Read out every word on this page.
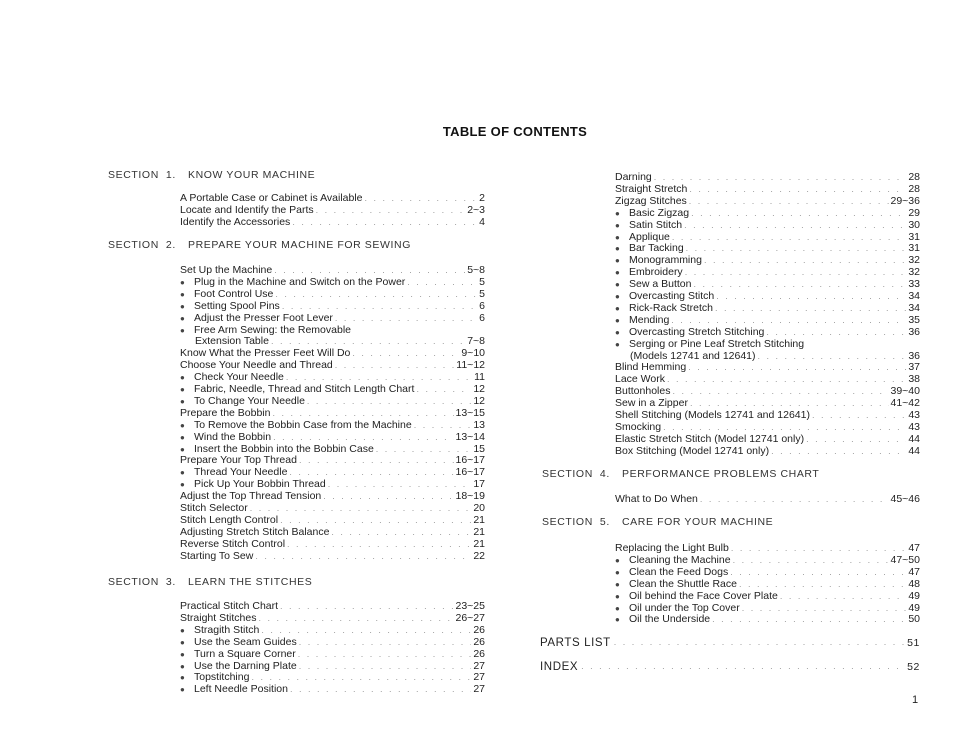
TABLE OF CONTENTS
SECTION  1. KNOW YOUR MACHINE
A Portable Case or Cabinet is Available . . .	2
Locate and Identify the Parts . . .	2~3
Identify the Accessories . . .	4
SECTION  2. PREPARE YOUR MACHINE FOR SEWING
Set Up the Machine . . .	5~8
● Plug in the Machine and Switch on the Power . . .	5
● Foot Control Use . . .	5
● Setting Spool Pins . . .	6
● Adjust the Presser Foot Lever . . .	6
● Free Arm Sewing: the Removable
Extension Table . . .	7~8
Know What the Presser Feet Will Do . . .	9~10
Choose Your Needle and Thread . . .	11~12
● Check Your Needle . . .	11
● Fabric, Needle, Thread and Stitch Length Chart . . .	12
● To Change Your Needle . . .	12
Prepare the Bobbin . . .	13~15
● To Remove the Bobbin Case from the Machine . . .	13
● Wind the Bobbin . . .	13~14
● Insert the Bobbin into the Bobbin Case . . .	15
Prepare Your Top Thread . . .	16~17
● Thread Your Needle . . .	16~17
● Pick Up Your Bobbin Thread . . .	17
Adjust the Top Thread Tension . . .	18~19
Stitch Selector . . .	20
Stitch Length Control . . .	21
Adjusting Stretch Stitch Balance . . .	21
Reverse Stitch Control . . .	21
Starting To Sew . . .	22
SECTION  3. LEARN THE STITCHES
Practical Stitch Chart . . .	23~25
Straight Stitches . . .	26~27
● Stragith Stitch . . .	26
● Use the Seam Guides . . .	26
● Turn a Square Corner . . .	26
● Use the Darning Plate . . .	27
● Topstitching . . .	27
● Left Needle Position . . .	27
Darning . . .	28
Straight Stretch . . .	28
Zigzag Stitches . . .	29~36
● Basic Zigzag . . .	29
● Satin Stitch . . .	30
● Applique . . .	31
● Bar Tacking . . .	31
● Monogramming . . .	32
● Embroidery . . .	32
● Sew a Button . . .	33
● Overcasting Stitch . . .	34
● Rick-Rack Stretch . . .	34
● Mending . . .	35
● Overcasting Stretch Stitching . . .	36
● Serging or Pine Leaf Stretch Stitching
(Models 12741 and 12641) . . .	36
Blind Hemming . . .	37
Lace Work . . .	38
Buttonholes . . .	39~40
Sew in a Zipper . . .	41~42
Shell Stitching (Models 12741 and 12641) . . .	43
Smocking . . .	43
Elastic Stretch Stitch (Model 12741 only) . . .	44
Box Stitching (Model 12741 only) . . .	44
SECTION  4. PERFORMANCE PROBLEMS CHART
What to Do When . . .	45~46
SECTION  5. CARE FOR YOUR MACHINE
Replacing the Light Bulb . . .	47
● Cleaning the Machine . . .	47~50
● Clean the Feed Dogs . . .	47
● Clean the Shuttle Race . . .	48
● Oil behind the Face Cover Plate . . .	49
● Oil under the Top Cover . . .	49
● Oil the Underside . . .	50
PARTS LIST . . .	51
INDEX . . .	52
1
